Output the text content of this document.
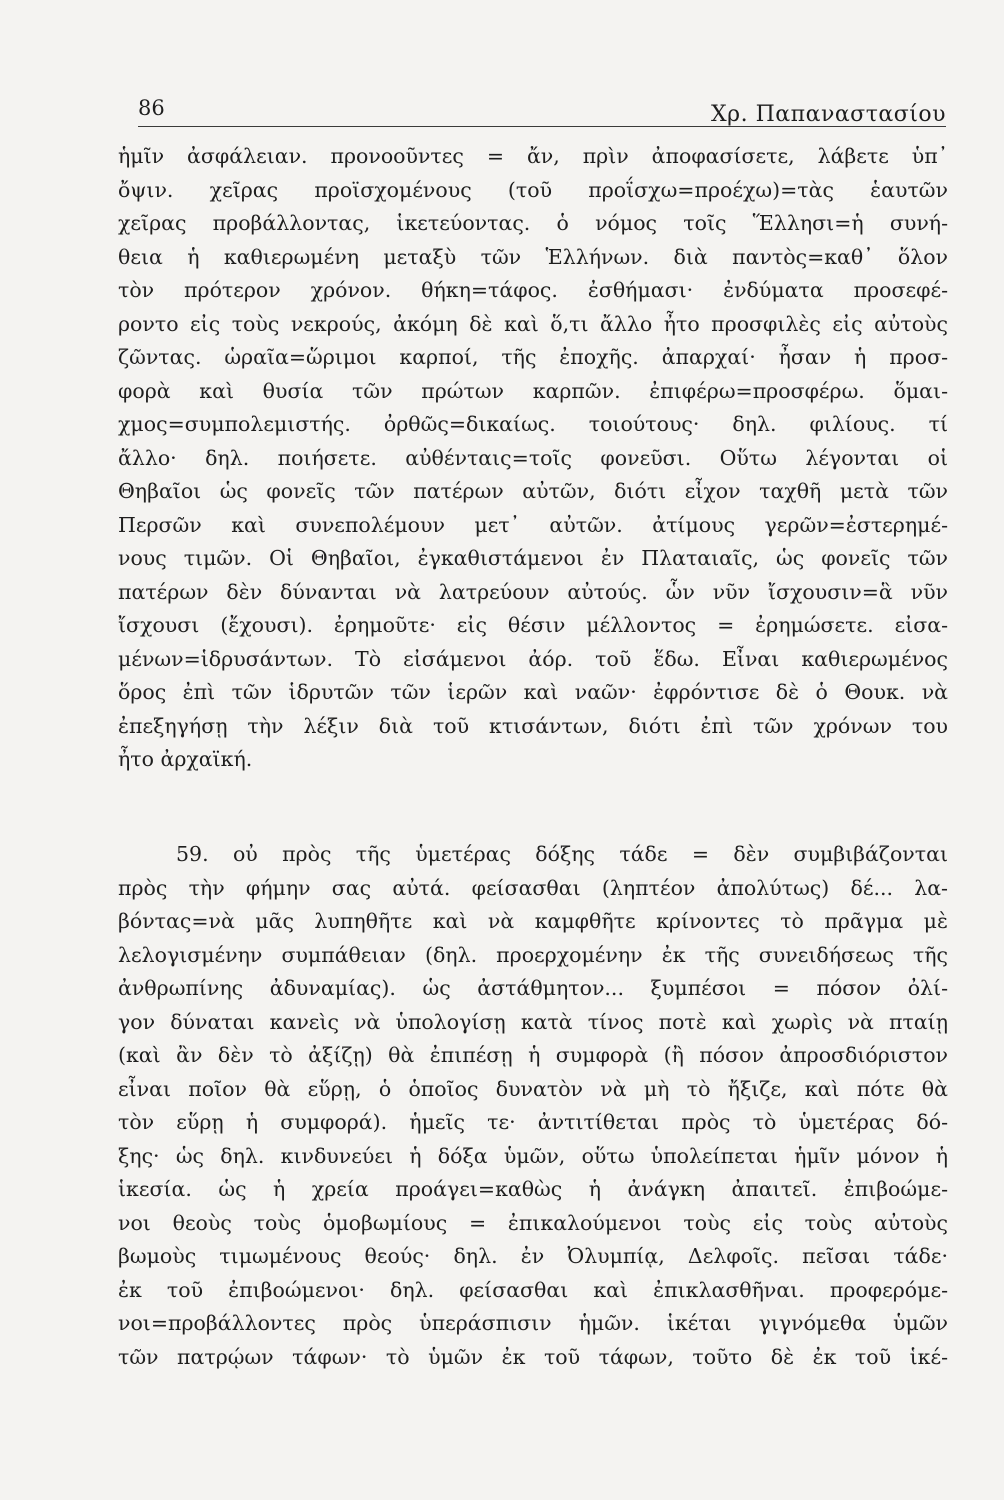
86	Χρ. Παπαναστασίου
ἡμῖν ἀσφάλειαν. προνοοῦντες = ἄν, πρὶν ἀποφασίσετε, λάβετε ὑπ᾽
ὄψιν. χεῖρας προϊσχομένους (τοῦ προΐσχω=προέχω)=τὰς ἑαυτῶν
χεῖρας προβάλλοντας, ἱκετεύοντας. ὁ νόμος τοῖς Ἕλλησι=ἡ συνή-
θεια ἡ καθιερωμένη μεταξὺ τῶν Ἑλλήνων. διὰ παντὸς=καθ᾽ ὅλον
τὸν πρότερον χρόνον. θήκη=τάφος. ἐσθήμασι· ἐνδύματα προσεφέ-
ροντο εἰς τοὺς νεκρούς, ἀκόμη δὲ καὶ ὅ,τι ἄλλο ἦτο προσφιλὲς εἰς αὐτοὺς
ζῶντας. ὡραῖα=ὥριμοι καρποί, τῆς ἐποχῆς. ἀπαρχαί· ἦσαν ἡ προσ-
φορὰ καὶ θυσία τῶν πρώτων καρπῶν. ἐπιφέρω=προσφέρω. ὅμαι-
χμος=συμπολεμιστής. ὀρθῶς=δικαίως. τοιούτους· δηλ. φιλίους. τί
ἄλλο· δηλ. ποιήσετε. αὐθένταις=τοῖς φονεῦσι. Οὕτω λέγονται οἱ
Θηβαῖοι ὡς φονεῖς τῶν πατέρων αὐτῶν, διότι εἶχον ταχθῆ μετὰ τῶν
Περσῶν καὶ συνεπολέμουν μετ᾽ αὐτῶν. ἀτίμους γερῶν=ἐστερημέ-
νους τιμῶν. Οἱ Θηβαῖοι, ἐγκαθιστάμενοι ἐν Πλαταιαῖς, ὡς φονεῖς τῶν
πατέρων δὲν δύνανται νὰ λατρεύουν αὐτούς. ὧν νῦν ἴσχουσιν=ἃ νῦν
ἴσχουσι (ἔχουσι). ἐρημοῦτε· εἰς θέσιν μέλλοντος = ἐρημώσετε. εἰσα-
μένων=ἱδρυσάντων. Τὸ εἰσάμενοι ἀόρ. τοῦ ἕδω. Εἶναι καθιερωμένος
ὅρος ἐπὶ τῶν ἱδρυτῶν τῶν ἱερῶν καὶ ναῶν· ἐφρόντισε δὲ ὁ Θουκ. νὰ
ἐπεξηγήσῃ τὴν λέξιν διὰ τοῦ κτισάντων, διότι ἐπὶ τῶν χρόνων του
ἦτο ἀρχαϊκή.
59. οὐ πρὸς τῆς ὑμετέρας δόξης τάδε = δὲν συμβιβάζονται
πρὸς τὴν φήμην σας αὐτά. φείσασθαι (ληπτέον ἀπολύτως) δέ... λα-
βόντας=νὰ μᾶς λυπηθῆτε καὶ νὰ καμφθῆτε κρίνοντες τὸ πρᾶγμα μὲ
λελογισμένην συμπάθειαν (δηλ. προερχομένην ἐκ τῆς συνειδήσεως τῆς
ἀνθρωπίνης ἀδυναμίας). ὡς ἀστάθμητον... ξυμπέσοι = πόσον ὀλί-
γον δύναται κανεὶς νὰ ὑπολογίσῃ κατὰ τίνος ποτὲ καὶ χωρὶς νὰ πταίῃ
(καὶ ἂν δὲν τὸ ἀξίζῃ) θὰ ἐπιπέσῃ ἡ συμφορὰ (ἢ πόσον ἀπροσδιόριστον
εἶναι ποῖον θὰ εὕρῃ, ὁ ὁποῖος δυνατὸν νὰ μὴ τὸ ἤξιζε, καὶ πότε θὰ
τὸν εὕρῃ ἡ συμφορά). ἡμεῖς τε· ἀντιτίθεται πρὸς τὸ ὑμετέρας δό-
ξης· ὡς δηλ. κινδυνεύει ἡ δόξα ὑμῶν, οὕτω ὑπολείπεται ἡμῖν μόνον ἡ
ἱκεσία. ὡς ἡ χρεία προάγει=καθὼς ἡ ἀνάγκη ἀπαιτεῖ. ἐπιβοώμε-
νοι θεοὺς τοὺς ὁμοβωμίους = ἐπικαλούμενοι τοὺς εἰς τοὺς αὐτοὺς
βωμοὺς τιμωμένους θεούς· δηλ. ἐν Ὀλυμπίᾳ, Δελφοῖς. πεῖσαι τάδε·
ἐκ τοῦ ἐπιβοώμενοι· δηλ. φείσασθαι καὶ ἐπικλασθῆναι. προφερόμε-
νοι=προβάλλοντες πρὸς ὑπεράσπισιν ἡμῶν. ἱκέται γιγνόμεθα ὑμῶν
τῶν πατρῴων τάφων· τὸ ὑμῶν ἐκ τοῦ τάφων, τοῦτο δὲ ἐκ τοῦ ἱκέ-
